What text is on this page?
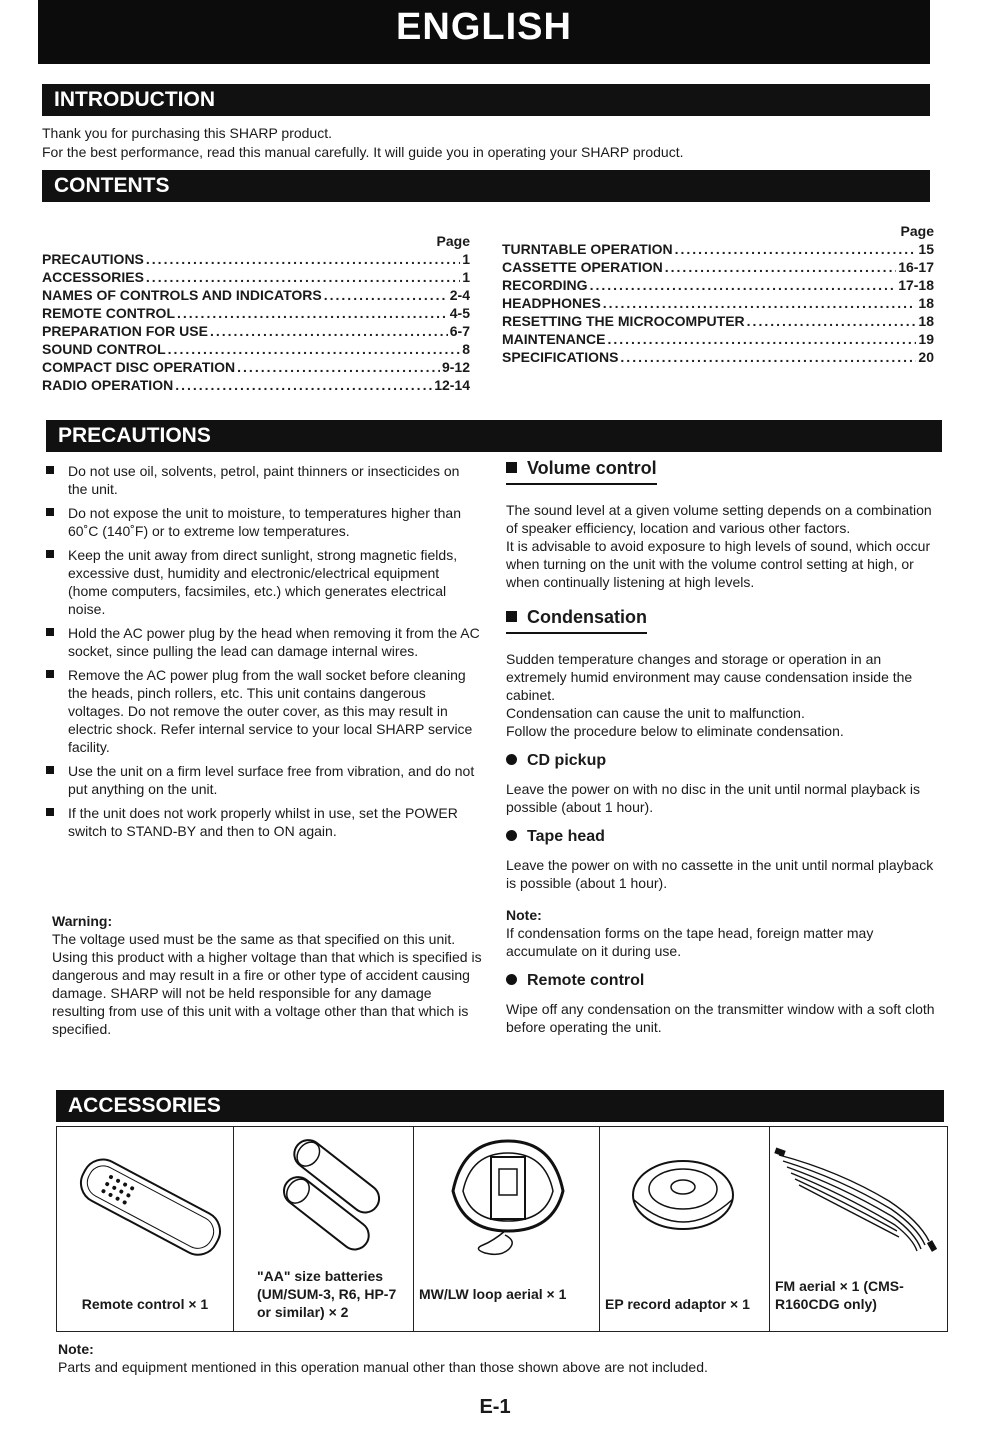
ENGLISH
INTRODUCTION
Thank you for purchasing this SHARP product.
For the best performance, read this manual carefully. It will guide you in operating your SHARP product.
CONTENTS
Page
PRECAUTIONS .....	1
ACCESSORIES .....	1
NAMES OF CONTROLS AND INDICATORS .....	2-4
REMOTE CONTROL .....	4-5
PREPARATION FOR USE .....	6-7
SOUND CONTROL .....	8
COMPACT DISC OPERATION .....	9-12
RADIO OPERATION .....	12-14
Page
TURNTABLE OPERATION .....	15
CASSETTE OPERATION .....	16-17
RECORDING .....	17-18
HEADPHONES .....	18
RESETTING THE MICROCOMPUTER .....	18
MAINTENANCE .....	19
SPECIFICATIONS .....	20
PRECAUTIONS
Do not use oil, solvents, petrol, paint thinners or insecticides on the unit.
Do not expose the unit to moisture, to temperatures higher than 60˚C (140˚F) or to extreme low temperatures.
Keep the unit away from direct sunlight, strong magnetic fields, excessive dust, humidity and electronic/electrical equipment (home computers, facsimiles, etc.) which generates electrical noise.
Hold the AC power plug by the head when removing it from the AC socket, since pulling the lead can damage internal wires.
Remove the AC power plug from the wall socket before cleaning the heads, pinch rollers, etc. This unit contains dangerous voltages. Do not remove the outer cover, as this may result in electric shock. Refer internal service to your local SHARP service facility.
Use the unit on a firm level surface free from vibration, and do not put anything on the unit.
If the unit does not work properly whilst in use, set the POWER switch to STAND-BY and then to ON again.
Warning:
The voltage used must be the same as that specified on this unit. Using this product with a higher voltage than that which is specified is dangerous and may result in a fire or other type of accident causing damage. SHARP will not be held responsible for any damage resulting from use of this unit with a voltage other than that which is specified.
Volume control
The sound level at a given volume setting depends on a combination of speaker efficiency, location and various other factors.
It is advisable to avoid exposure to high levels of sound, which occur when turning on the unit with the volume control setting at high, or when continually listening at high levels.
Condensation
Sudden temperature changes and storage or operation in an extremely humid environment may cause condensation inside the cabinet.
Condensation can cause the unit to malfunction.
Follow the procedure below to eliminate condensation.
CD pickup
Leave the power on with no disc in the unit until normal playback is possible (about 1 hour).
Tape head
Leave the power on with no cassette in the unit until normal playback is possible (about 1 hour).
Note:
If condensation forms on the tape head, foreign matter may accumulate on it during use.
Remote control
Wipe off any condensation on the transmitter window with a soft cloth before operating the unit.
ACCESSORIES
Remote control × 1
"AA" size batteries (UM/SUM-3, R6, HP-7 or similar) × 2
MW/LW loop aerial × 1
EP record adaptor × 1
FM aerial × 1 (CMS-R160CDG only)
Note:
Parts and equipment mentioned in this operation manual other than those shown above are not included.
E-1
